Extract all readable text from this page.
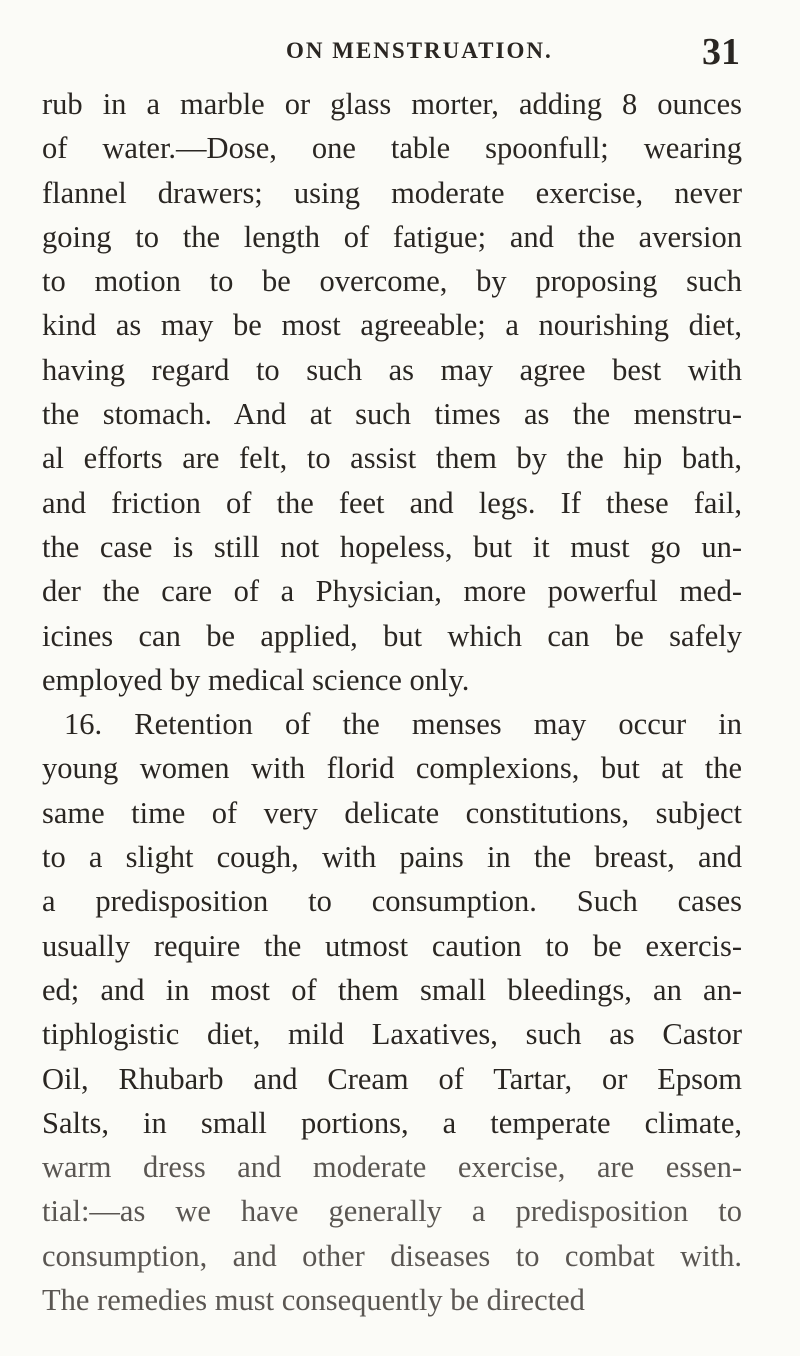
ON MENSTRUATION.	31
rub in a marble or glass morter, adding 8 ounces
of water.—Dose, one table spoonfull; wearing
flannel drawers; using moderate exercise, never
going to the length of fatigue; and the aversion
to motion to be overcome, by proposing such
kind as may be most agreeable; a nourishing diet,
having regard to such as may agree best with
the stomach. And at such times as the menstru-
al efforts are felt, to assist them by the hip bath,
and friction of the feet and legs. If these fail,
the case is still not hopeless, but it must go un-
der the care of a Physician, more powerful med-
icines can be applied, but which can be safely
employed by medical science only.
16. Retention of the menses may occur in
young women with florid complexions, but at the
same time of very delicate constitutions, subject
to a slight cough, with pains in the breast, and
a predisposition to consumption. Such cases
usually require the utmost caution to be exercis-
ed; and in most of them small bleedings, an an-
tiphlogistic diet, mild Laxatives, such as Castor
Oil, Rhubarb and Cream of Tartar, or Epsom
Salts, in small portions, a temperate climate,
warm dress and moderate exercise, are essen-
tial:—as we have generally a predisposition to
consumption, and other diseases to combat with.
The remedies must consequently be directed
